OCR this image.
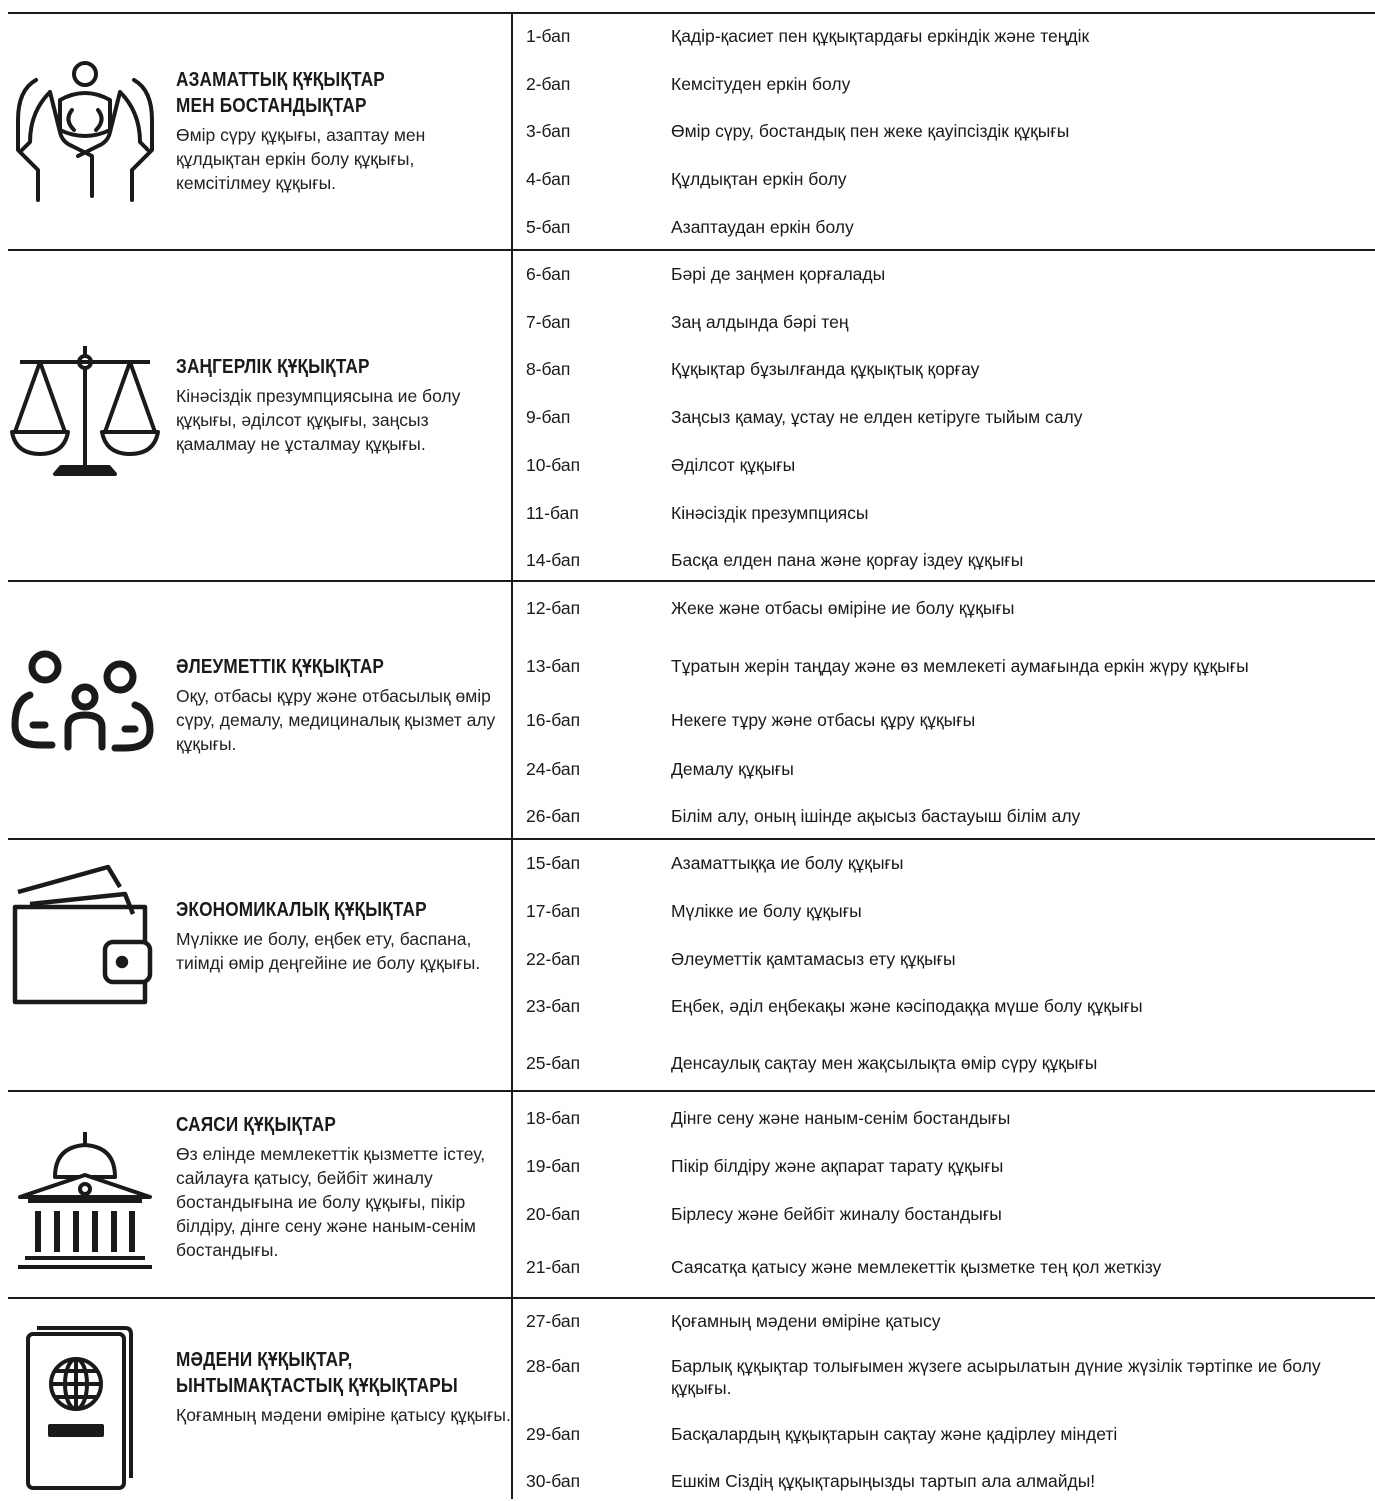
АЗАМАТТЫҚ ҚҰҚЫҚТАР
МЕН БОСТАНДЫҚТАР
Өмір сүру құқығы, азаптау мен құлдықтан еркін болу құқығы, кемсітілмеу құқығы.
1-бап	Қадір-қасиет пен құқықтардағы еркіндік және теңдік
2-бап	Кемсітуден еркін болу
3-бап	Өмір сүру, бостандық пен жеке қауіпсіздік құқығы
4-бап	Құлдықтан еркін болу
5-бап	Азаптаудан еркін болу
ЗАҢГЕРЛІК ҚҰҚЫҚТАР
Кінәсіздік презумпциясына ие болу құқығы, әділсот құқығы, заңсыз қамалмау не ұсталмау құқығы.
6-бап	Бәрі де заңмен қорғалады
7-бап	Заң алдында бәрі тең
8-бап	Құқықтар бұзылғанда құқықтық қорғау
9-бап	Заңсыз қамау, ұстау не елден кетіруге тыйым салу
10-бап	Әділсот құқығы
11-бап	Кінәсіздік презумпциясы
14-бап	Басқа елден пана және қорғау іздеу құқығы
ӘЛЕУМЕТТІК ҚҰҚЫҚТАР
Оқу, отбасы құру және отбасылық өмір сүру, демалу, медициналық қызмет алу құқығы.
12-бап	Жеке және отбасы өміріне ие болу құқығы
13-бап	Тұратын жерін таңдау және өз мемлекеті аумағында еркін жүру құқығы
16-бап	Некеге тұру және отбасы құру құқығы
24-бап	Демалу құқығы
26-бап	Білім алу, оның ішінде ақысыз бастауыш білім алу
ЭКОНОМИКАЛЫҚ ҚҰҚЫҚТАР
Мүлікке ие болу, еңбек ету, баспана, тиімді өмір деңгейіне ие болу құқығы.
15-бап	Азаматтыққа ие болу құқығы
17-бап	Мүлікке ие болу құқығы
22-бап	Әлеуметтік қамтамасыз ету құқығы
23-бап	Еңбек, әділ еңбекақы және кәсіподаққа мүше болу құқығы
25-бап	Денсаулық сақтау мен жақсылықта өмір сүру құқығы
САЯСИ ҚҰҚЫҚТАР
Өз елінде мемлекеттік қызметте істеу, сайлауға қатысу, бейбіт жиналу бостандығына ие болу құқығы, пікір білдіру, дінге сену және наным-сенім бостандығы.
18-бап	Дінге сену және наным-сенім бостандығы
19-бап	Пікір білдіру және ақпарат тарату құқығы
20-бап	Бірлесу және бейбіт жиналу бостандығы
21-бап	Саясатқа қатысу және мемлекеттік қызметке тең қол жеткізу
МӘДЕНИ ҚҰҚЫҚТАР,
ЫНТЫМАҚТАСТЫҚ ҚҰҚЫҚТАРЫ
Қоғамның мәдени өміріне қатысу құқығы.
27-бап	Қоғамның мәдени өміріне қатысу
28-бап	Барлық құқықтар толығымен жүзеге асырылатын дүние жүзілік тәртіпке ие болу құқығы.
29-бап	Басқалардың құқықтарын сақтау және қадірлеу міндеті
30-бап	Ешкім Сіздің құқықтарыңызды тартып ала алмайды!
